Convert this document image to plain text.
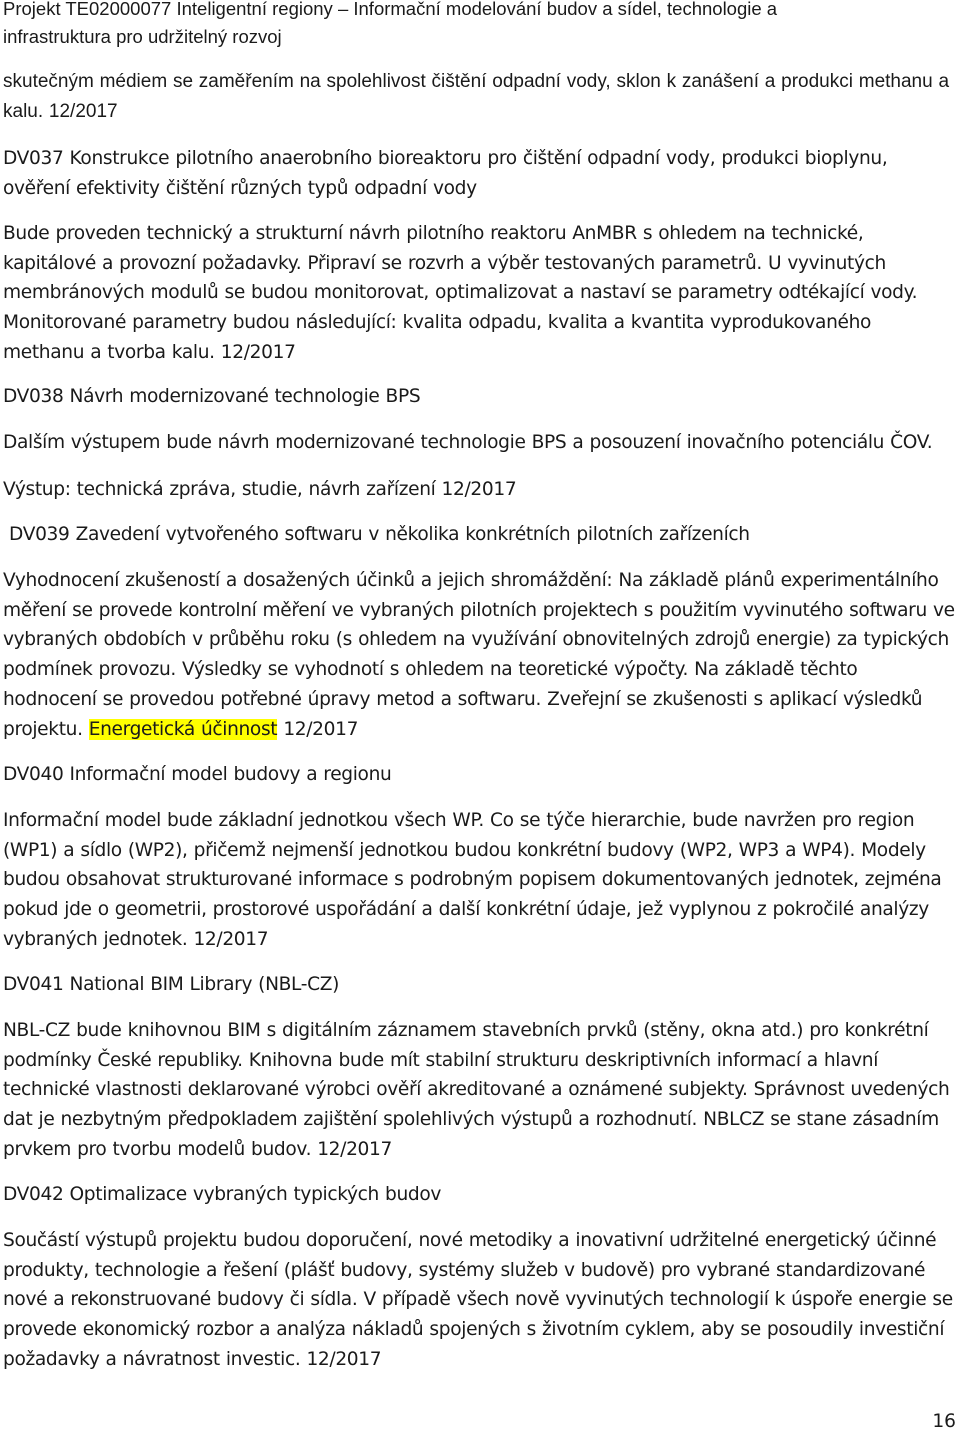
Projekt TE02000077 Inteligentní regiony – Informační modelování budov a sídel, technologie a infrastruktura pro udržitelný rozvoj

skutečným médiem se zaměřením na spolehlivost čištění odpadní vody, sklon k zanášení a produkci methanu a kalu. 12/2017

DV037 Konstrukce pilotního anaerobního bioreaktoru pro čištění odpadní vody, produkci bioplynu, ověření efektivity čištění různých typů odpadní vody

Bude proveden technický a strukturní návrh pilotního reaktoru AnMBR s ohledem na technické, kapitálové a provozní požadavky. Připraví se rozvrh a výběr testovaných parametrů. U vyvinutých membránových modulů se budou monitorovat, optimalizovat a nastaví se parametry odtékající vody. Monitorované parametry budou následující: kvalita odpadu, kvalita a kvantita vyprodukovaného methanu a tvorba kalu. 12/2017

DV038 Návrh modernizované technologie BPS

Dalším výstupem bude návrh modernizované technologie BPS a posouzení inovačního potenciálu ČOV.

Výstup: technická zpráva, studie, návrh zařízení 12/2017

DV039 Zavedení vytvořeného softwaru v několika konkrétních pilotních zařízeních

Vyhodnocení zkušeností a dosažených účinků a jejich shromáždění: Na základě plánů experimentálního měření se provede kontrolní měření ve vybraných pilotních projektech s použitím vyvinutého softwaru ve vybraných obdobích v průběhu roku (s ohledem na využívání obnovitelných zdrojů energie) za typických podmínek provozu. Výsledky se vyhodnotí s ohledem na teoretické výpočty. Na základě těchto hodnocení se provedou potřebné úpravy metod a softwaru. Zveřejní se zkušenosti s aplikací výsledků projektu. Energetická účinnost 12/2017

DV040 Informační model budovy a regionu

Informační model bude základní jednotkou všech WP. Co se týče hierarchie, bude navržen pro region (WP1) a sídlo (WP2), přičemž nejmenší jednotkou budou konkrétní budovy (WP2, WP3 a WP4). Modely budou obsahovat strukturované informace s podrobným popisem dokumentovaných jednotek, zejména pokud jde o geometrii, prostorové uspořádání a další konkrétní údaje, jež vyplynou z pokročilé analýzy vybraných jednotek. 12/2017

DV041 National BIM Library (NBL-CZ)

NBL-CZ bude knihovnou BIM s digitálním záznamem stavebních prvků (stěny, okna atd.) pro konkrétní podmínky České republiky. Knihovna bude mít stabilní strukturu deskriptivních informací a hlavní technické vlastnosti deklarované výrobci ověří akreditované a oznámené subjekty. Správnost uvedených dat je nezbytným předpokladem zajištění spolehlivých výstupů a rozhodnutí. NBLCZ se stane zásadním prvkem pro tvorbu modelů budov. 12/2017

DV042 Optimalizace vybraných typických budov

Součástí výstupů projektu budou doporučení, nové metodiky a inovativní udržitelné energetický účinné produkty, technologie a řešení (plášť budovy, systémy služeb v budově) pro vybrané standardizované nové a rekonstruované budovy či sídla. V případě všech nově vyvinutých technologií k úspoře energie se provede ekonomický rozbor a analýza nákladů spojených s životním cyklem, aby se posoudily investiční požadavky a návratnost investic. 12/2017

16
